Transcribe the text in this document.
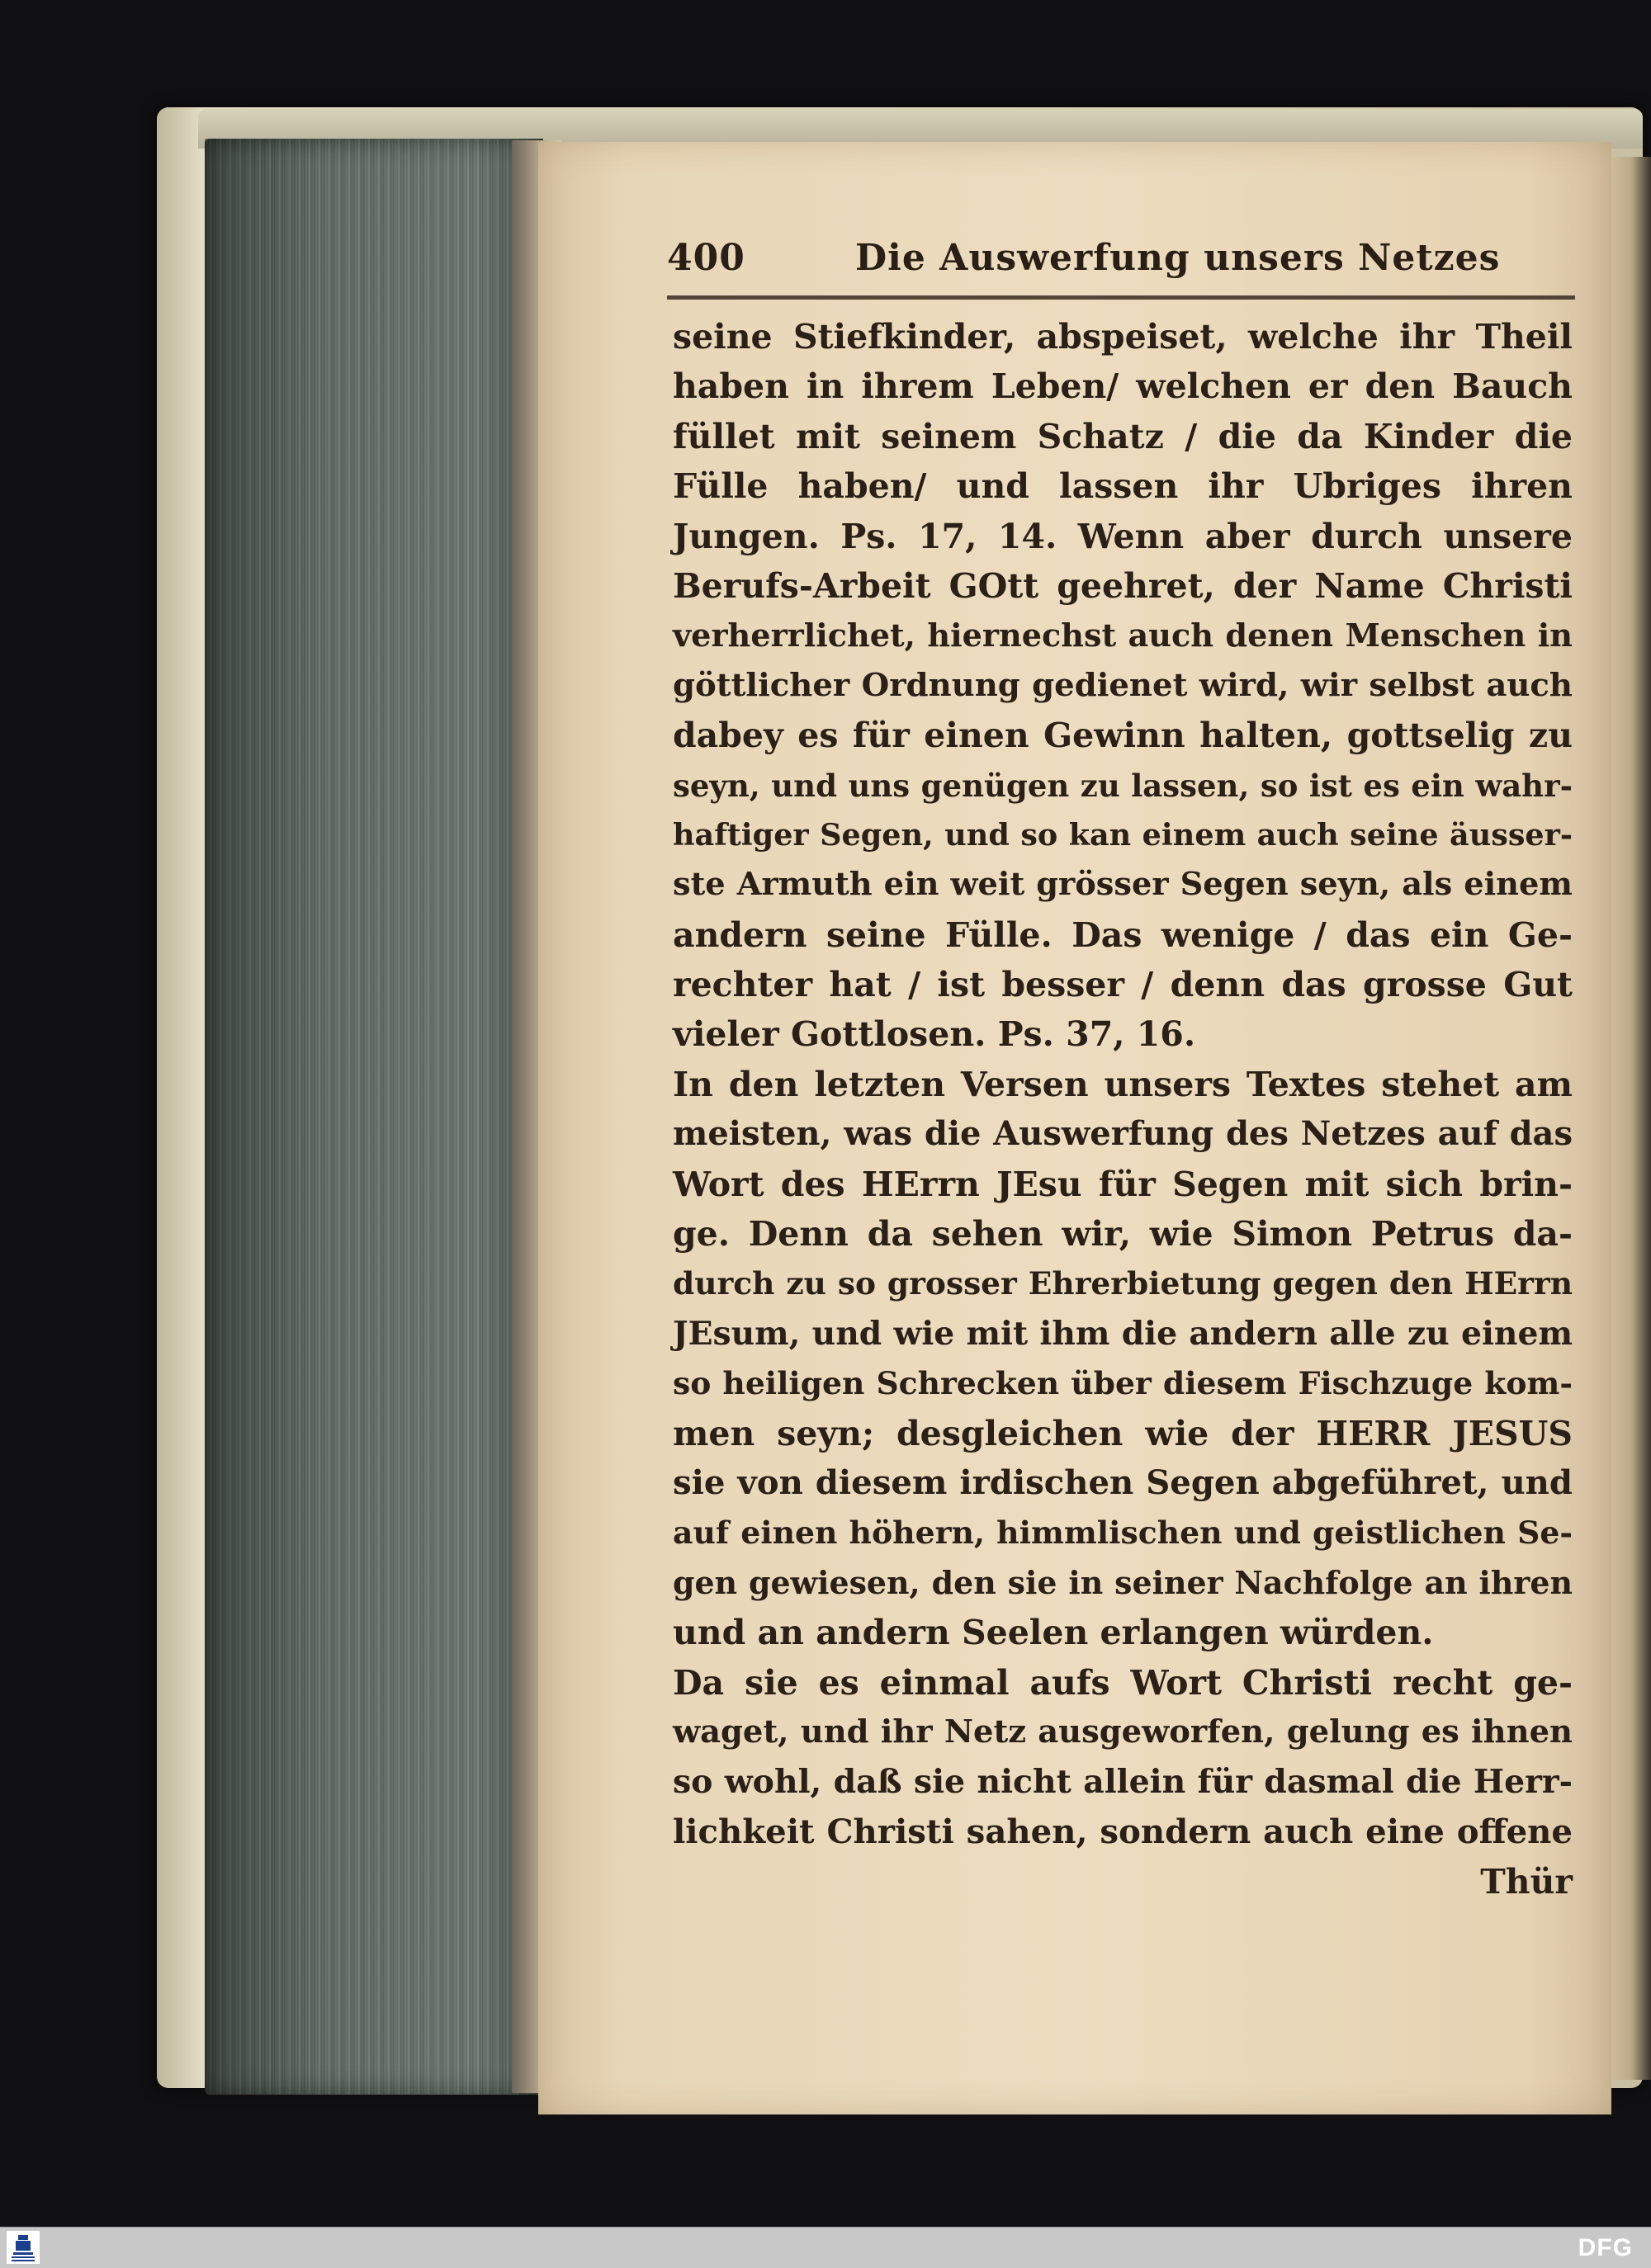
400	Die Auswerfung unsers Netzes
seine Stiefkinder, abspeiset, welche ihr Theil
haben in ihrem Leben/ welchen er den Bauch
füllet mit seinem Schatz / die da Kinder die
Fülle haben/ und lassen ihr Ubriges ihren
Jungen. Ps. 17, 14. Wenn aber durch unsere
Berufs-Arbeit GOtt geehret, der Name Christi
verherrlichet, hiernechst auch denen Menschen in
göttlicher Ordnung gedienet wird, wir selbst auch
dabey es für einen Gewinn halten, gottselig zu
seyn, und uns genügen zu lassen, so ist es ein wahr-
haftiger Segen, und so kan einem auch seine äusser-
ste Armuth ein weit grösser Segen seyn, als einem
andern seine Fülle. Das wenige / das ein Ge-
rechter hat / ist besser / denn das grosse Gut
vieler Gottlosen. Ps. 37, 16.
In den letzten Versen unsers Textes stehet am
meisten, was die Auswerfung des Netzes auf das
Wort des HErrn JEsu für Segen mit sich brin-
ge. Denn da sehen wir, wie Simon Petrus da-
durch zu so grosser Ehrerbietung gegen den HErrn
JEsum, und wie mit ihm die andern alle zu einem
so heiligen Schrecken über diesem Fischzuge kom-
men seyn; desgleichen wie der HERR JESUS
sie von diesem irdischen Segen abgeführet, und
auf einen höhern, himmlischen und geistlichen Se-
gen gewiesen, den sie in seiner Nachfolge an ihren
und an andern Seelen erlangen würden.
Da sie es einmal aufs Wort Christi recht ge-
waget, und ihr Netz ausgeworfen, gelung es ihnen
so wohl, daß sie nicht allein für dasmal die Herr-
lichkeit Christi sahen, sondern auch eine offene
Thür
DFG
